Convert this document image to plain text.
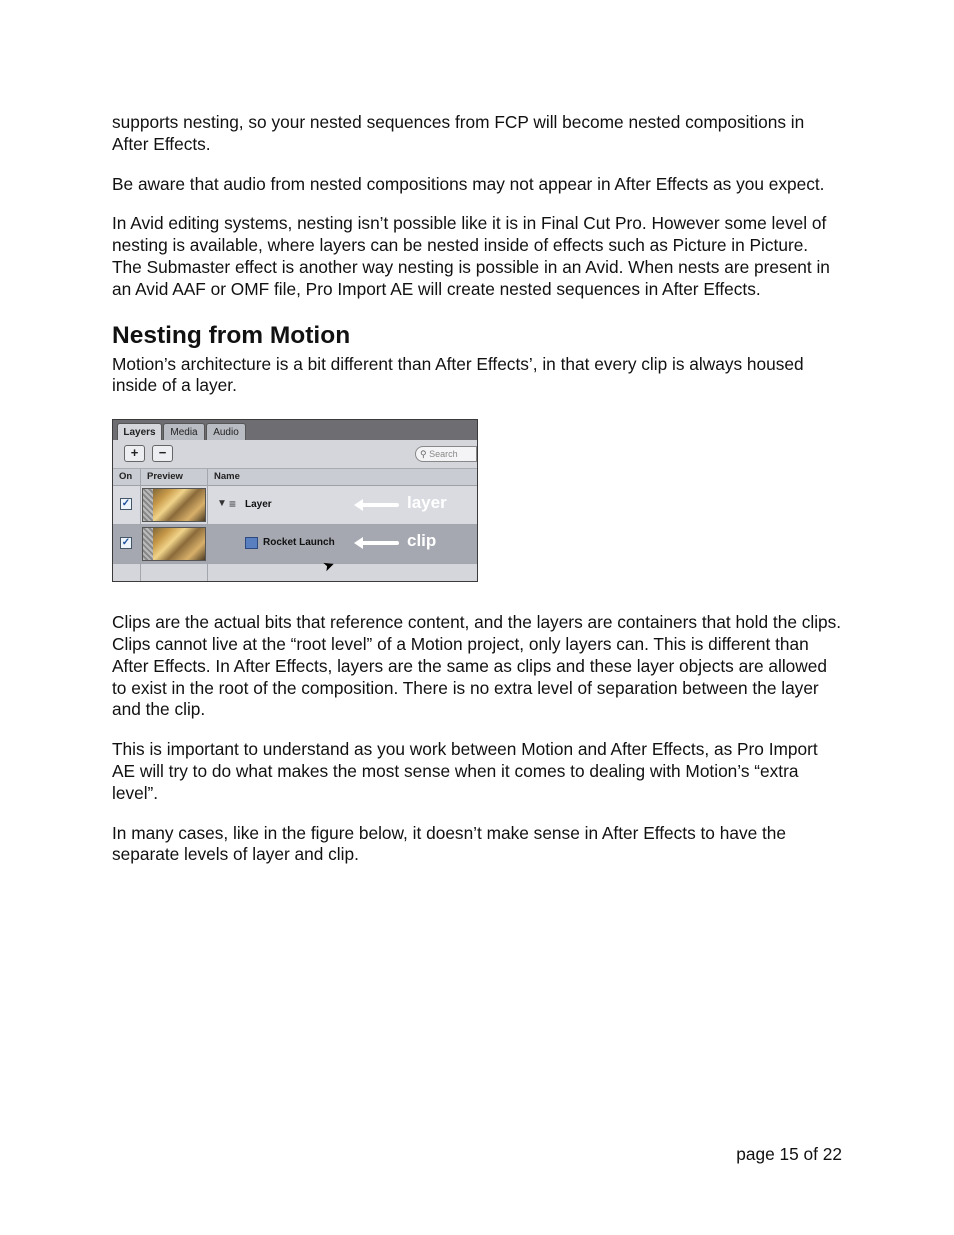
supports nesting, so your nested sequences from FCP will become nested compositions in After Effects.

Be aware that audio from nested compositions may not appear in After Effects as you expect.

In Avid editing systems, nesting isn’t possible like it is in Final Cut Pro. However some level of nesting is available, where layers can be nested inside of effects such as Picture in Picture. The Submaster effect is another way nesting is possible in an Avid. When nests are present in an Avid AAF or OMF file, Pro Import AE will create nested sequences in After Effects.

Nesting from Motion

Motion’s architecture is a bit different than After Effects’, in that every clip is always housed inside of a layer.

Layers	Media	Audio
+	−	⚲ Search
On Preview	Name
✓	▼ ≡ Layer	layer
✓	Rocket Launch	clip
➤

Clips are the actual bits that reference content, and the layers are containers that hold the clips. Clips cannot live at the “root level” of a Motion project, only layers can. This is different than After Effects. In After Effects, layers are the same as clips and these layer objects are allowed to exist in the root of the composition. There is no extra level of separation between the layer and the clip.

This is important to understand as you work between Motion and After Effects, as Pro Import AE will try to do what makes the most sense when it comes to dealing with Motion’s “extra level”.

In many cases, like in the figure below, it doesn’t make sense in After Effects to have the separate levels of layer and clip.

page 15 of 22
